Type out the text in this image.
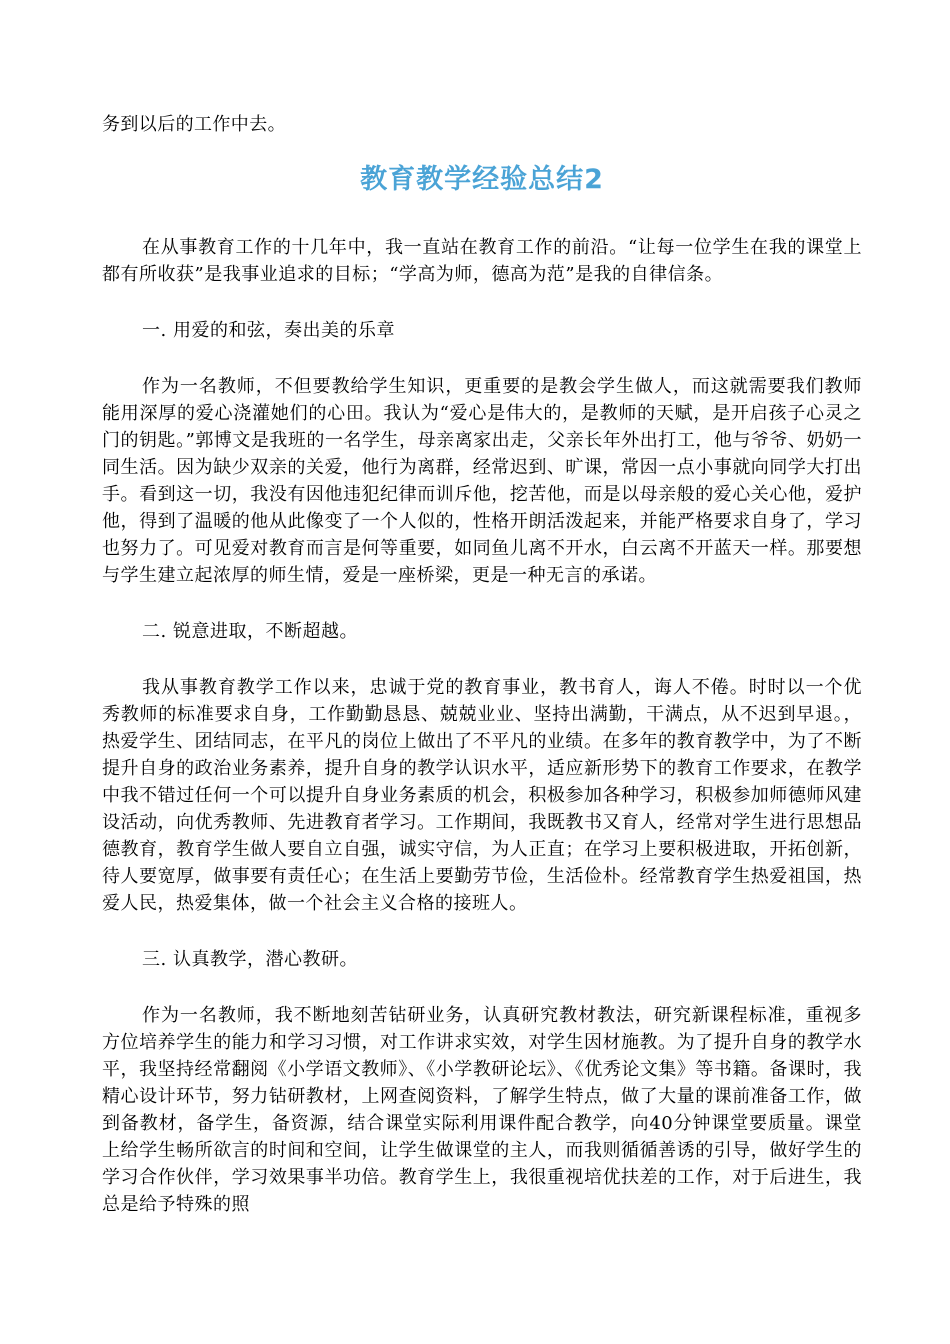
务到以后的工作中去。

教育教学经验总结2

在从事教育工作的十几年中，我一直站在教育工作的前沿。“让每一位学生在我的课堂上都有所收获”是我事业追求的目标；“学高为师，德高为范”是我的自律信条。

一. 用爱的和弦，奏出美的乐章

作为一名教师，不但要教给学生知识，更重要的是教会学生做人，而这就需要我们教师能用深厚的爱心浇灌她们的心田。我认为“爱心是伟大的，是教师的天赋，是开启孩子心灵之门的钥匙。”郭博文是我班的一名学生，母亲离家出走，父亲长年外出打工，他与爷爷、奶奶一同生活。因为缺少双亲的关爱，他行为离群，经常迟到、旷课，常因一点小事就向同学大打出手。看到这一切，我没有因他违犯纪律而训斥他，挖苦他，而是以母亲般的爱心关心他，爱护他，得到了温暖的他从此像变了一个人似的，性格开朗活泼起来，并能严格要求自身了，学习也努力了。可见爱对教育而言是何等重要，如同鱼儿离不开水，白云离不开蓝天一样。那要想与学生建立起浓厚的师生情，爱是一座桥梁，更是一种无言的承诺。

二. 锐意进取，不断超越。

我从事教育教学工作以来，忠诚于党的教育事业，教书育人，诲人不倦。时时以一个优秀教师的标准要求自身，工作勤勤恳恳、兢兢业业、坚持出满勤，干满点，从不迟到早退。，热爱学生、团结同志，在平凡的岗位上做出了不平凡的业绩。在多年的教育教学中，为了不断提升自身的政治业务素养，提升自身的教学认识水平，适应新形势下的教育工作要求，在教学中我不错过任何一个可以提升自身业务素质的机会，积极参加各种学习，积极参加师德师风建设活动，向优秀教师、先进教育者学习。工作期间，我既教书又育人，经常对学生进行思想品德教育，教育学生做人要自立自强，诚实守信，为人正直；在学习上要积极进取，开拓创新，待人要宽厚，做事要有责任心；在生活上要勤劳节俭，生活俭朴。经常教育学生热爱祖国，热爱人民，热爱集体，做一个社会主义合格的接班人。

三. 认真教学，潜心教研。

作为一名教师，我不断地刻苦钻研业务，认真研究教材教法，研究新课程标准，重视多方位培养学生的能力和学习习惯，对工作讲求实效，对学生因材施教。为了提升自身的教学水平，我坚持经常翻阅《小学语文教师》、《小学教研论坛》、《优秀论文集》等书籍。备课时，我精心设计环节，努力钻研教材，上网查阅资料，了解学生特点，做了大量的课前准备工作，做到备教材，备学生，备资源，结合课堂实际利用课件配合教学，向40分钟课堂要质量。课堂上给学生畅所欲言的时间和空间，让学生做课堂的主人，而我则循循善诱的引导，做好学生的学习合作伙伴，学习效果事半功倍。教育学生上，我很重视培优扶差的工作，对于后进生，我总是给予特殊的照
